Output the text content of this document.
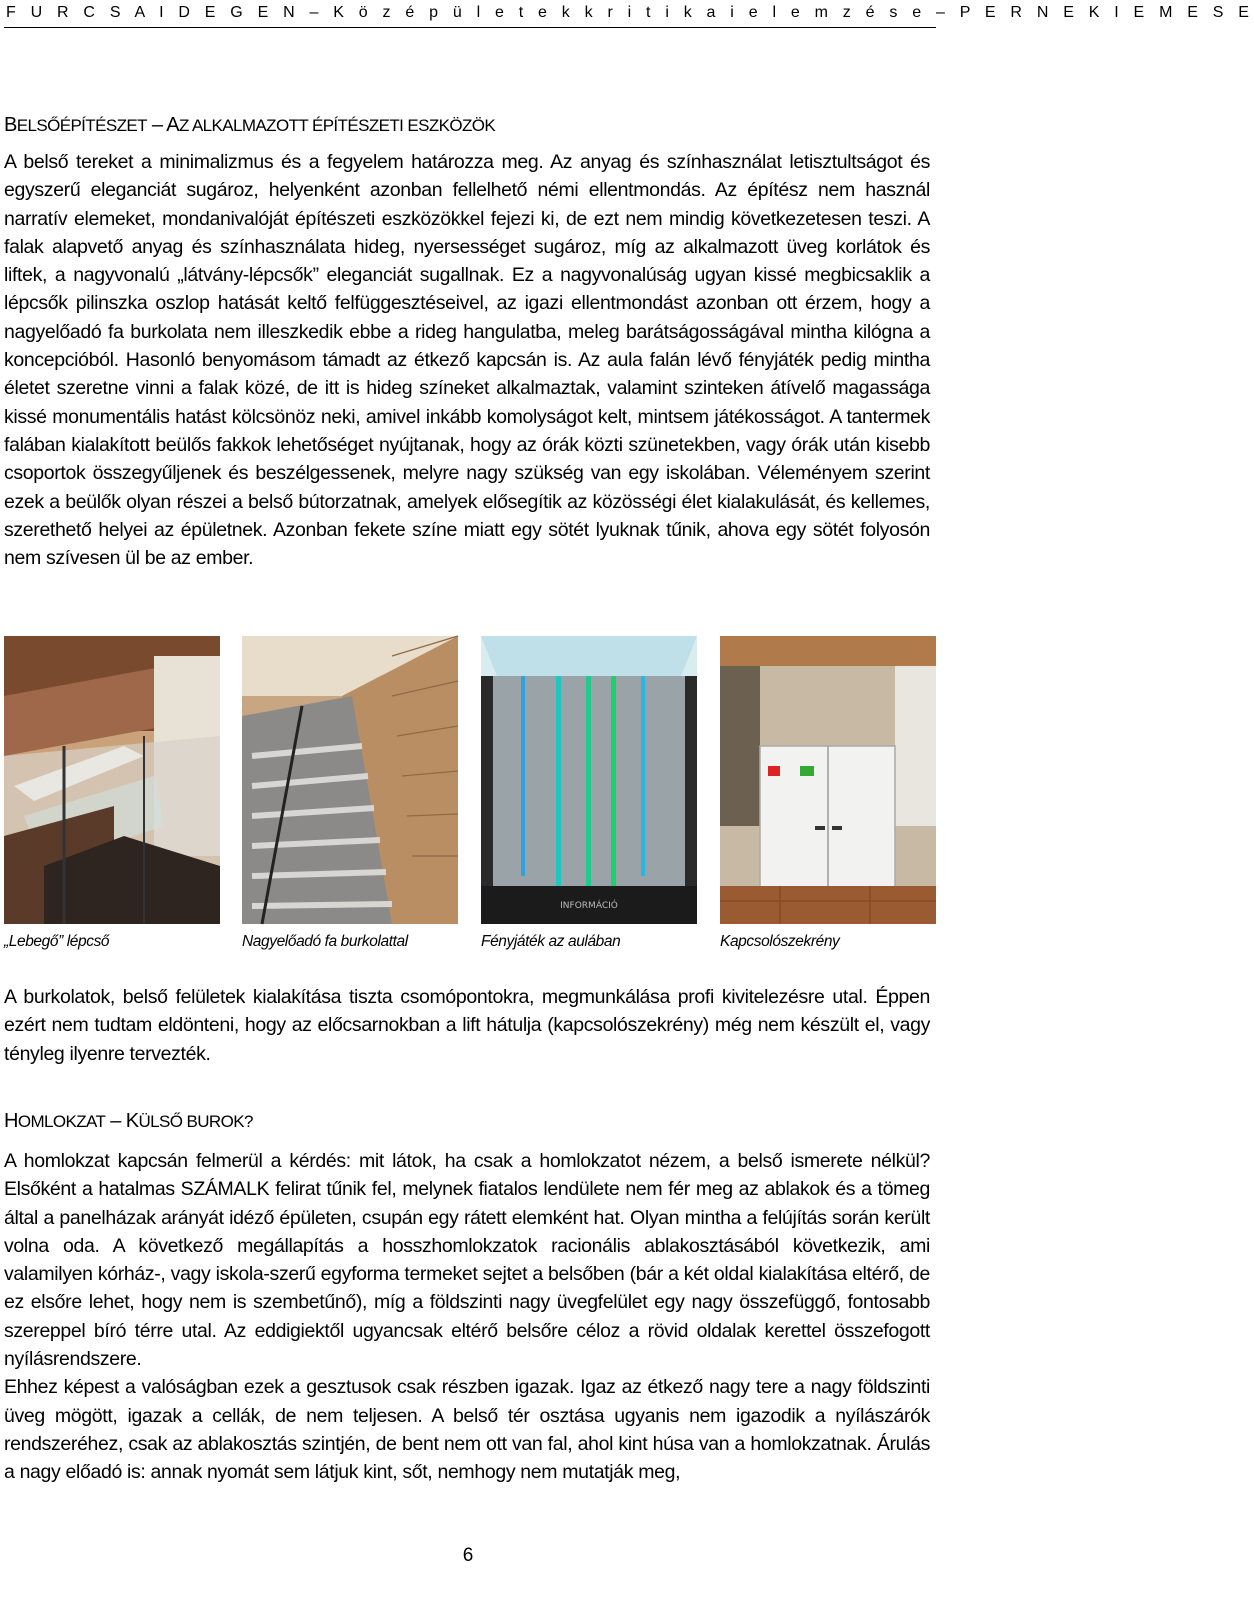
F U R C S A I D E G E N – K ö z é p ü l e t e k k r i t i k a i e l e m z é s e – P E R N E K I E M E S E
BELSŐÉPÍTÉSZET – AZ ALKALMAZOTT ÉPÍTÉSZETI ESZKÖZÖK

A belső tereket a minimalizmus és a fegyelem határozza meg. Az anyag és színhasználat letisztultságot és egyszerű eleganciát sugároz, helyenként azonban fellelhető némi ellentmondás. Az építész nem használ narratív elemeket, mondanivalóját építészeti eszközökkel fejezi ki, de ezt nem mindig következetesen teszi. A falak alapvető anyag és színhasználata hideg, nyersességet sugároz, míg az alkalmazott üveg korlátok és liftek, a nagyvonalú „látvány-lépcsők” eleganciát sugallnak. Ez a nagyvonalúság ugyan kissé megbicsaklik a lépcsők pilinszka oszlop hatását keltő felfüggesztéseivel, az igazi ellentmondást azonban ott érzem, hogy a nagyelőadó fa burkolata nem illeszkedik ebbe a rideg hangulatba, meleg barátságosságával mintha kilógna a koncepcióból. Hasonló benyomásom támadt az étkező kapcsán is. Az aula falán lévő fényjáték pedig mintha életet szeretne vinni a falak közé, de itt is hideg színeket alkalmaztak, valamint szinteken átívelő magassága kissé monumentális hatást kölcsönöz neki, amivel inkább komolyságot kelt, mintsem játékosságot. A tantermek falában kialakított beülős fakkok lehetőséget nyújtanak, hogy az órák közti szünetekben, vagy órák után kisebb csoportok összegyűljenek és beszélgessenek, melyre nagy szükség van egy iskolában. Véleményem szerint ezek a beülők olyan részei a belső bútorzatnak, amelyek elősegítik az közösségi élet kialakulását, és kellemes, szerethető helyei az épületnek. Azonban fekete színe miatt egy sötét lyuknak tűnik, ahova egy sötét folyosón nem szívesen ül be az ember.

INFORMÁCIÓ
„Lebegő” lépcső	Nagyelőadó fa burkolattal	Fényjáték az aulában	Kapcsolószekrény

A burkolatok, belső felületek kialakítása tiszta csomópontokra, megmunkálása profi kivitelezésre utal. Éppen ezért nem tudtam eldönteni, hogy az előcsarnokban a lift hátulja (kapcsolószekrény) még nem készült el, vagy tényleg ilyenre tervezték.

HOMLOKZAT – KÜLSŐ BUROK?

A homlokzat kapcsán felmerül a kérdés: mit látok, ha csak a homlokzatot nézem, a belső ismerete nélkül? Elsőként a hatalmas SZÁMALK felirat tűnik fel, melynek fiatalos lendülete nem fér meg az ablakok és a tömeg által a panelházak arányát idéző épületen, csupán egy rátett elemként hat. Olyan mintha a felújítás során került volna oda. A következő megállapítás a hosszhomlokzatok racionális ablakosztásából következik, ami valamilyen kórház-, vagy iskola-szerű egyforma termeket sejtet a belsőben (bár a két oldal kialakítása eltérő, de ez elsőre lehet, hogy nem is szembetűnő), míg a földszinti nagy üvegfelület egy nagy összefüggő, fontosabb szereppel bíró térre utal. Az eddigiektől ugyancsak eltérő belsőre céloz a rövid oldalak kerettel összefogott nyílásrendszere.

Ehhez képest a valóságban ezek a gesztusok csak részben igazak. Igaz az étkező nagy tere a nagy földszinti üveg mögött, igazak a cellák, de nem teljesen. A belső tér osztása ugyanis nem igazodik a nyílászárók rendszeréhez, csak az ablakosztás szintjén, de bent nem ott van fal, ahol kint húsa van a homlokzatnak. Árulás a nagy előadó is: annak nyomát sem látjuk kint, sőt, nemhogy nem mutatják meg,

6
